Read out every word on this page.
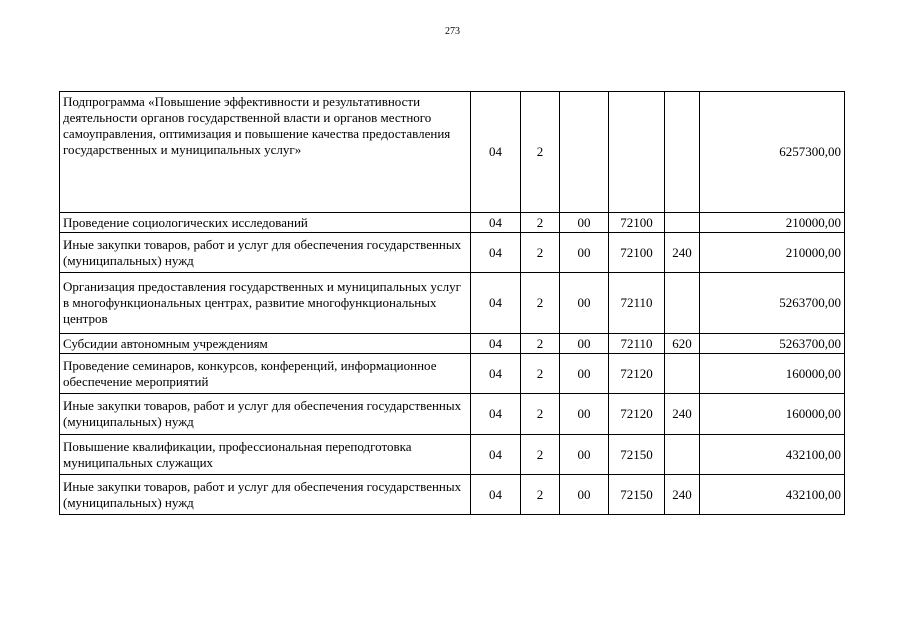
273
Подпрограмма «Повышение эффективности и результативности деятельности органов государственной власти и органов местного самоуправления, оптимизация и повышение качества предоставления государственных и муниципальных услуг»	04	2				6257300,00
Проведение социологических исследований	04	2	00	72100		210000,00
Иные закупки товаров, работ и услуг для обеспечения государственных (муниципальных) нужд	04	2	00	72100	240	210000,00
Организация предоставления государственных и муниципальных услуг в многофункциональных центрах, развитие многофункциональных центров	04	2	00	72110		5263700,00
Субсидии автономным учреждениям	04	2	00	72110	620	5263700,00
Проведение семинаров, конкурсов, конференций, информационное обеспечение мероприятий	04	2	00	72120		160000,00
Иные закупки товаров, работ и услуг для обеспечения государственных (муниципальных) нужд	04	2	00	72120	240	160000,00
Повышение квалификации, профессиональная переподготовка муниципальных служащих	04	2	00	72150		432100,00
Иные закупки товаров, работ и услуг для обеспечения государственных (муниципальных) нужд	04	2	00	72150	240	432100,00
